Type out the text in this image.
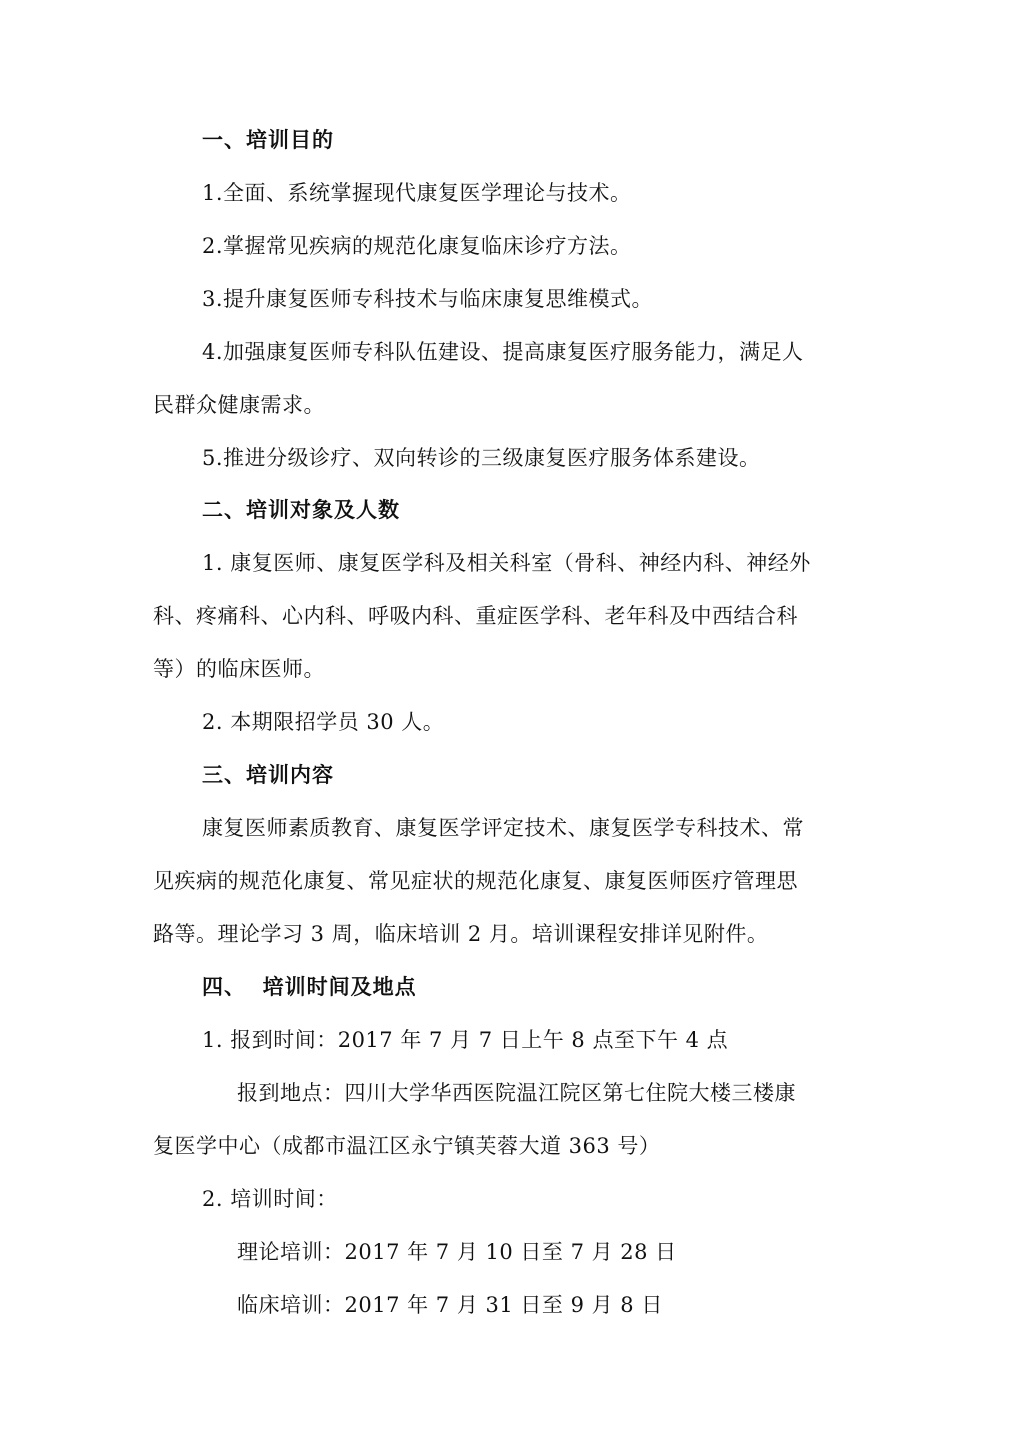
一、培训目的
1.全面、系统掌握现代康复医学理论与技术。
2.掌握常见疾病的规范化康复临床诊疗方法。
3.提升康复医师专科技术与临床康复思维模式。
4.加强康复医师专科队伍建设、提高康复医疗服务能力，满足人
民群众健康需求。
5.推进分级诊疗、双向转诊的三级康复医疗服务体系建设。
二、培训对象及人数
1. 康复医师、康复医学科及相关科室（骨科、神经内科、神经外
科、疼痛科、心内科、呼吸内科、重症医学科、老年科及中西结合科
等）的临床医师。
2. 本期限招学员 30 人。
三、培训内容
康复医师素质教育、康复医学评定技术、康复医学专科技术、常
见疾病的规范化康复、常见症状的规范化康复、康复医师医疗管理思
路等。理论学习 3 周，临床培训 2 月。培训课程安排详见附件。
四、  培训时间及地点
1. 报到时间：2017 年 7 月 7 日上午 8 点至下午 4 点
报到地点：四川大学华西医院温江院区第七住院大楼三楼康
复医学中心（成都市温江区永宁镇芙蓉大道 363 号）
2. 培训时间：
理论培训：2017 年 7 月 10 日至 7 月 28 日
临床培训：2017 年 7 月 31 日至 9 月 8 日
